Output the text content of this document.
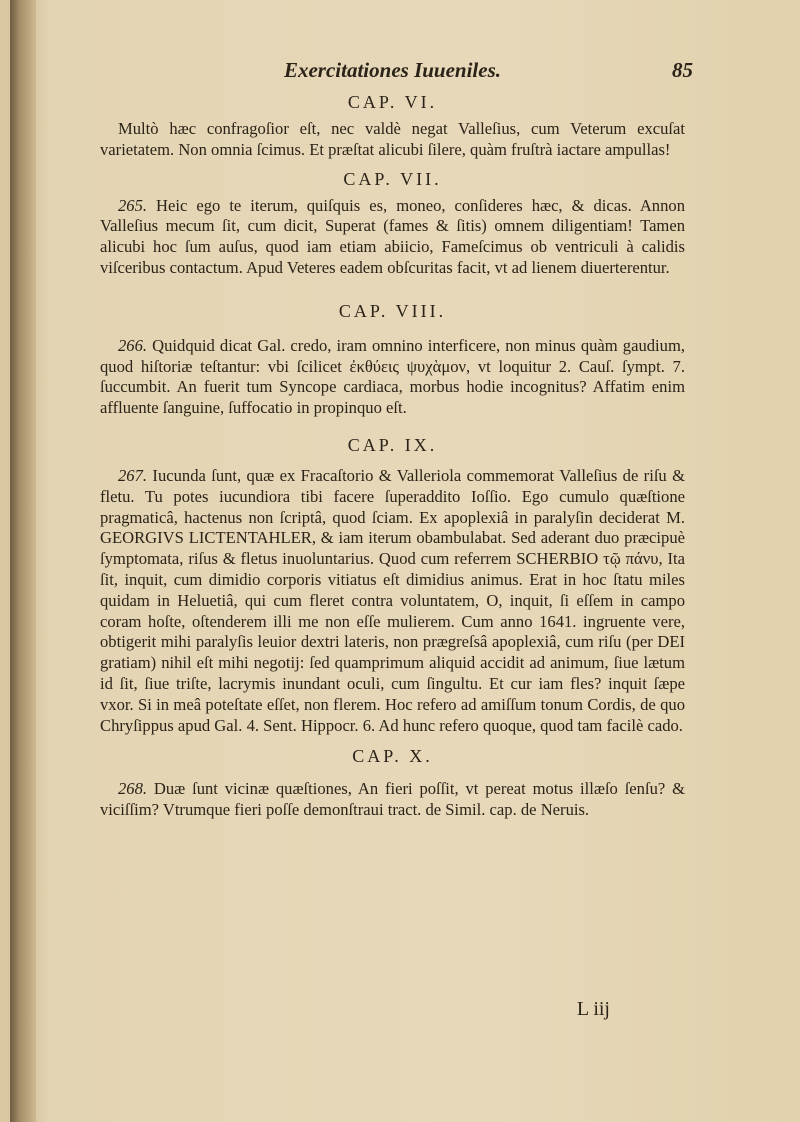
Exercitationes Iuueniles.	85
CAP. VI.

Multò hæc confragoſior eſt, nec valdè negat Valleſius, cum Veterum excuſat varietatem. Non omnia ſcimus. Et præſtat alicubi ſilere, quàm fruſtrà iactare ampullas!

CAP. VII.

265. Heic ego te iterum, quiſquis es, moneo, conſideres hæc, & dicas. Annon Valleſius mecum ſit, cum dicit, Superat (fames & ſitis) omnem diligentiam! Tamen alicubi hoc ſum auſus, quod iam etiam abiicio, Fameſcimus ob ventriculi à calidis viſceribus contactum. Apud Veteres eadem obſcuritas facit, vt ad lienem diuerterentur.

CAP. VIII.

266. Quidquid dicat Gal. credo, iram omnino interficere, non minus quàm gaudium, quod hiſtoriæ teſtantur: vbi ſcilicet ἐκθύεις ψυχὰμον, vt loquitur 2. Cauſ. ſympt. 7. ſuccumbit. An fuerit tum Syncope cardiaca, morbus hodie incognitus? Affatim enim affluente ſanguine, ſuffocatio in propinquo eſt.

CAP. IX.

267. Iucunda ſunt, quæ ex Fracaſtorio & Valleriola commemorat Valleſius de riſu & fletu. Tu potes iucundiora tibi facere ſuperaddito Ioſſio. Ego cumulo quæſtione pragmaticâ, hactenus non ſcriptâ, quod ſciam. Ex apoplexiâ in paralyſin deciderat M. GEORGIVS LICTENTAHLER, & iam iterum obambulabat. Sed aderant duo præcipuè ſymptomata, riſus & fletus inuoluntarius. Quod cum referrem SCHERBIO τῷ πάνυ, Ita ſit, inquit, cum dimidio corporis vitiatus eſt dimidius animus. Erat in hoc ſtatu miles quidam in Heluetiâ, qui cum fleret contra voluntatem, O, inquit, ſi eſſem in campo coram hoſte, oſtenderem illi me non eſſe mulierem. Cum anno 1641. ingruente vere, obtigerit mihi paralyſis leuior dextri lateris, non prægreſsâ apoplexiâ, cum riſu (per DEI gratiam) nihil eſt mihi negotij: ſed quamprimum aliquid accidit ad animum, ſiue lætum id ſit, ſiue triſte, lacrymis inundant oculi, cum ſingultu. Et cur iam fles? inquit ſæpe vxor. Si in meâ poteſtate eſſet, non flerem. Hoc refero ad amiſſum tonum Cordis, de quo Chryſippus apud Gal. 4. Sent. Hippocr. 6. Ad hunc refero quoque, quod tam facilè cado.

CAP. X.

268. Duæ ſunt vicinæ quæſtiones, An fieri poſſit, vt pereat motus illæſo ſenſu? & viciſſim? Vtrumque fieri poſſe demonſtraui tract. de Simil. cap. de Neruis.

L iij
